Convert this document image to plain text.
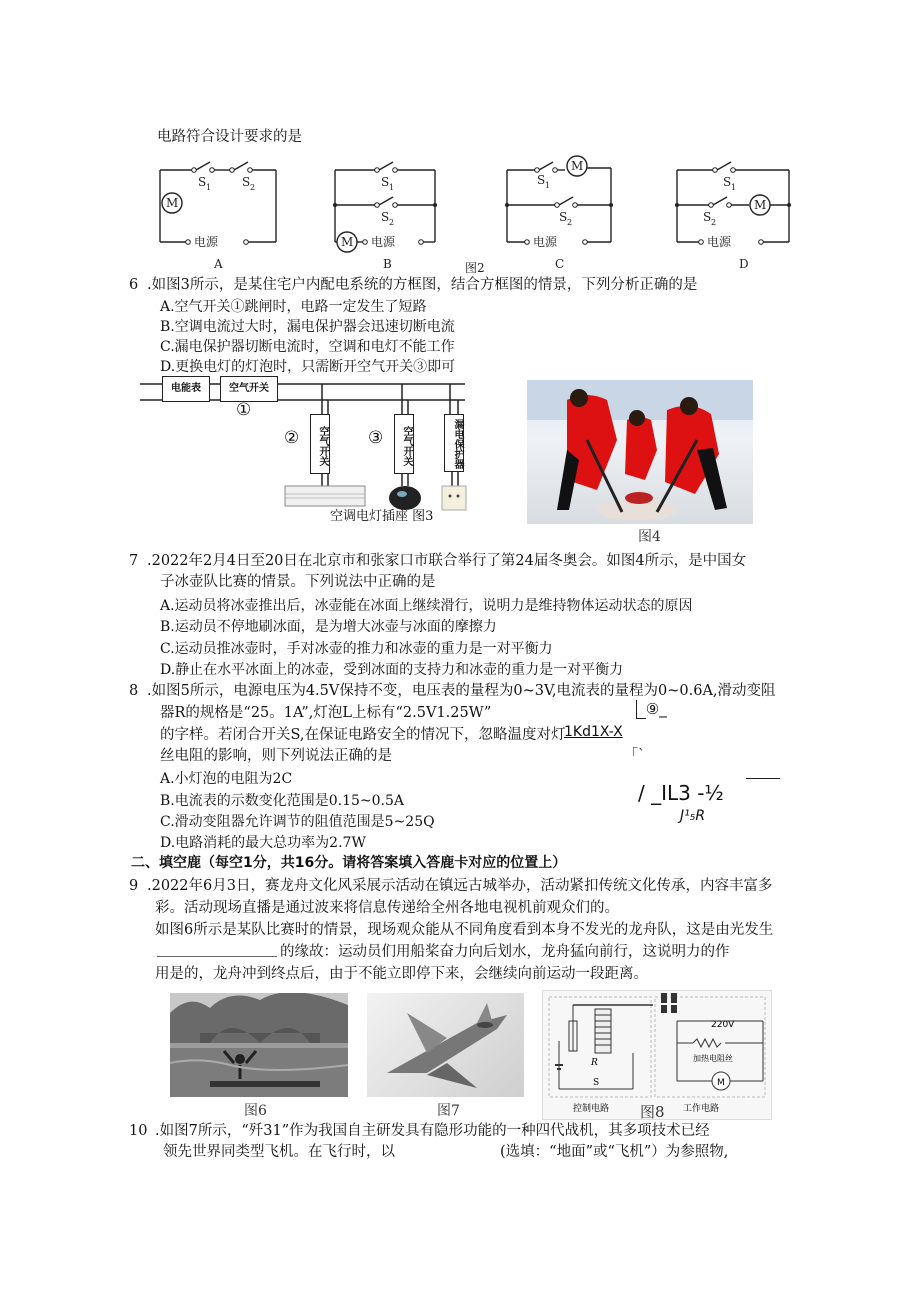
电路符合设计要求的是
S 1	S 2
M
电源
A
S 1
S 2
M 电源
B
M
S 1
S 2
电源
C
M
S 1
S 2
电源
D
图2
6 .如图3所示，是某住宅户内配电系统的方框图，结合方框图的情景，下列分析正确的是
A.空气开关①跳闸时，电路一定发生了短路
B.空调电流过大时，漏电保护器会迅速切断电流
C.漏电保护器切断电流时，空调和电灯不能工作
D.更换电灯的灯泡时，只需断开空气开关③即可
电能表	空气开关
①
空气开关
②	空气开关
③	漏电保护器
空调电灯插座 图3
图4
7 .2022年2月4日至20日在北京市和张家口市联合举行了第24届冬奥会。如图4所示，是中国女
子冰壶队比赛的情景。下列说法中正确的是
A.运动员将冰壶推出后，冰壶能在冰面上继续滑行，说明力是维持物体运动状态的原因
B.运动员不停地刷冰面，是为增大冰壶与冰面的摩擦力
C.运动员推冰壶时，手对冰壶的推力和冰壶的重力是一对平衡力
D.静止在水平冰面上的冰壶，受到冰面的支持力和冰壶的重力是一对平衡力
8 .如图5所示，电源电压为4.5V保持不变，电压表的量程为0~3V,电流表的量程为0~0.6A,滑动变阻
器R的规格是“25。1A”,灯泡L上标有“2.5V1.25W”
的字样。若闭合开关S,在保证电路安全的情况下，忽略温度对灯
丝电阻的影响，则下列说法正确的是
A.小灯泡的电阻为2C
B.电流表的示数变化范围是0.15~0.5A
C.滑动变阻器允许调节的阻值范围是5~25Q
D.电路消耗的最大总功率为2.7W
⑨_
1Kd1X-X
「`
/ _IL3 -½
J¹₅R
二、填空鹿（每空1分，共16分。请将答案填入答鹿卡对应的位置上）
9 .2022年6月3日，赛龙舟文化风采展示活动在镇远古城举办，活动紧扣传统文化传承，内容丰富多
彩。活动现场直播是通过波来将信息传递给全州各地电视机前观众们的。
如图6所示是某队比赛时的情景，现场观众能从不同角度看到本身不发光的龙舟队，这是由光发生
的缘故：运动员们用船桨奋力向后划水，龙舟猛向前行，这说明力的作
用是的，龙舟冲到终点后，由于不能立即停下来，会继续向前运动一段距离。
图6	图7
220V
加热电阻丝
M
R
S
控制电路	工作电路
图8
10 .如图7所示，“歼31”作为我国自主研发具有隐形功能的一种四代战机，其多项技术已经
领先世界同类型飞机。在飞行时，以	(选填：“地面”或“飞机”）为参照物,
